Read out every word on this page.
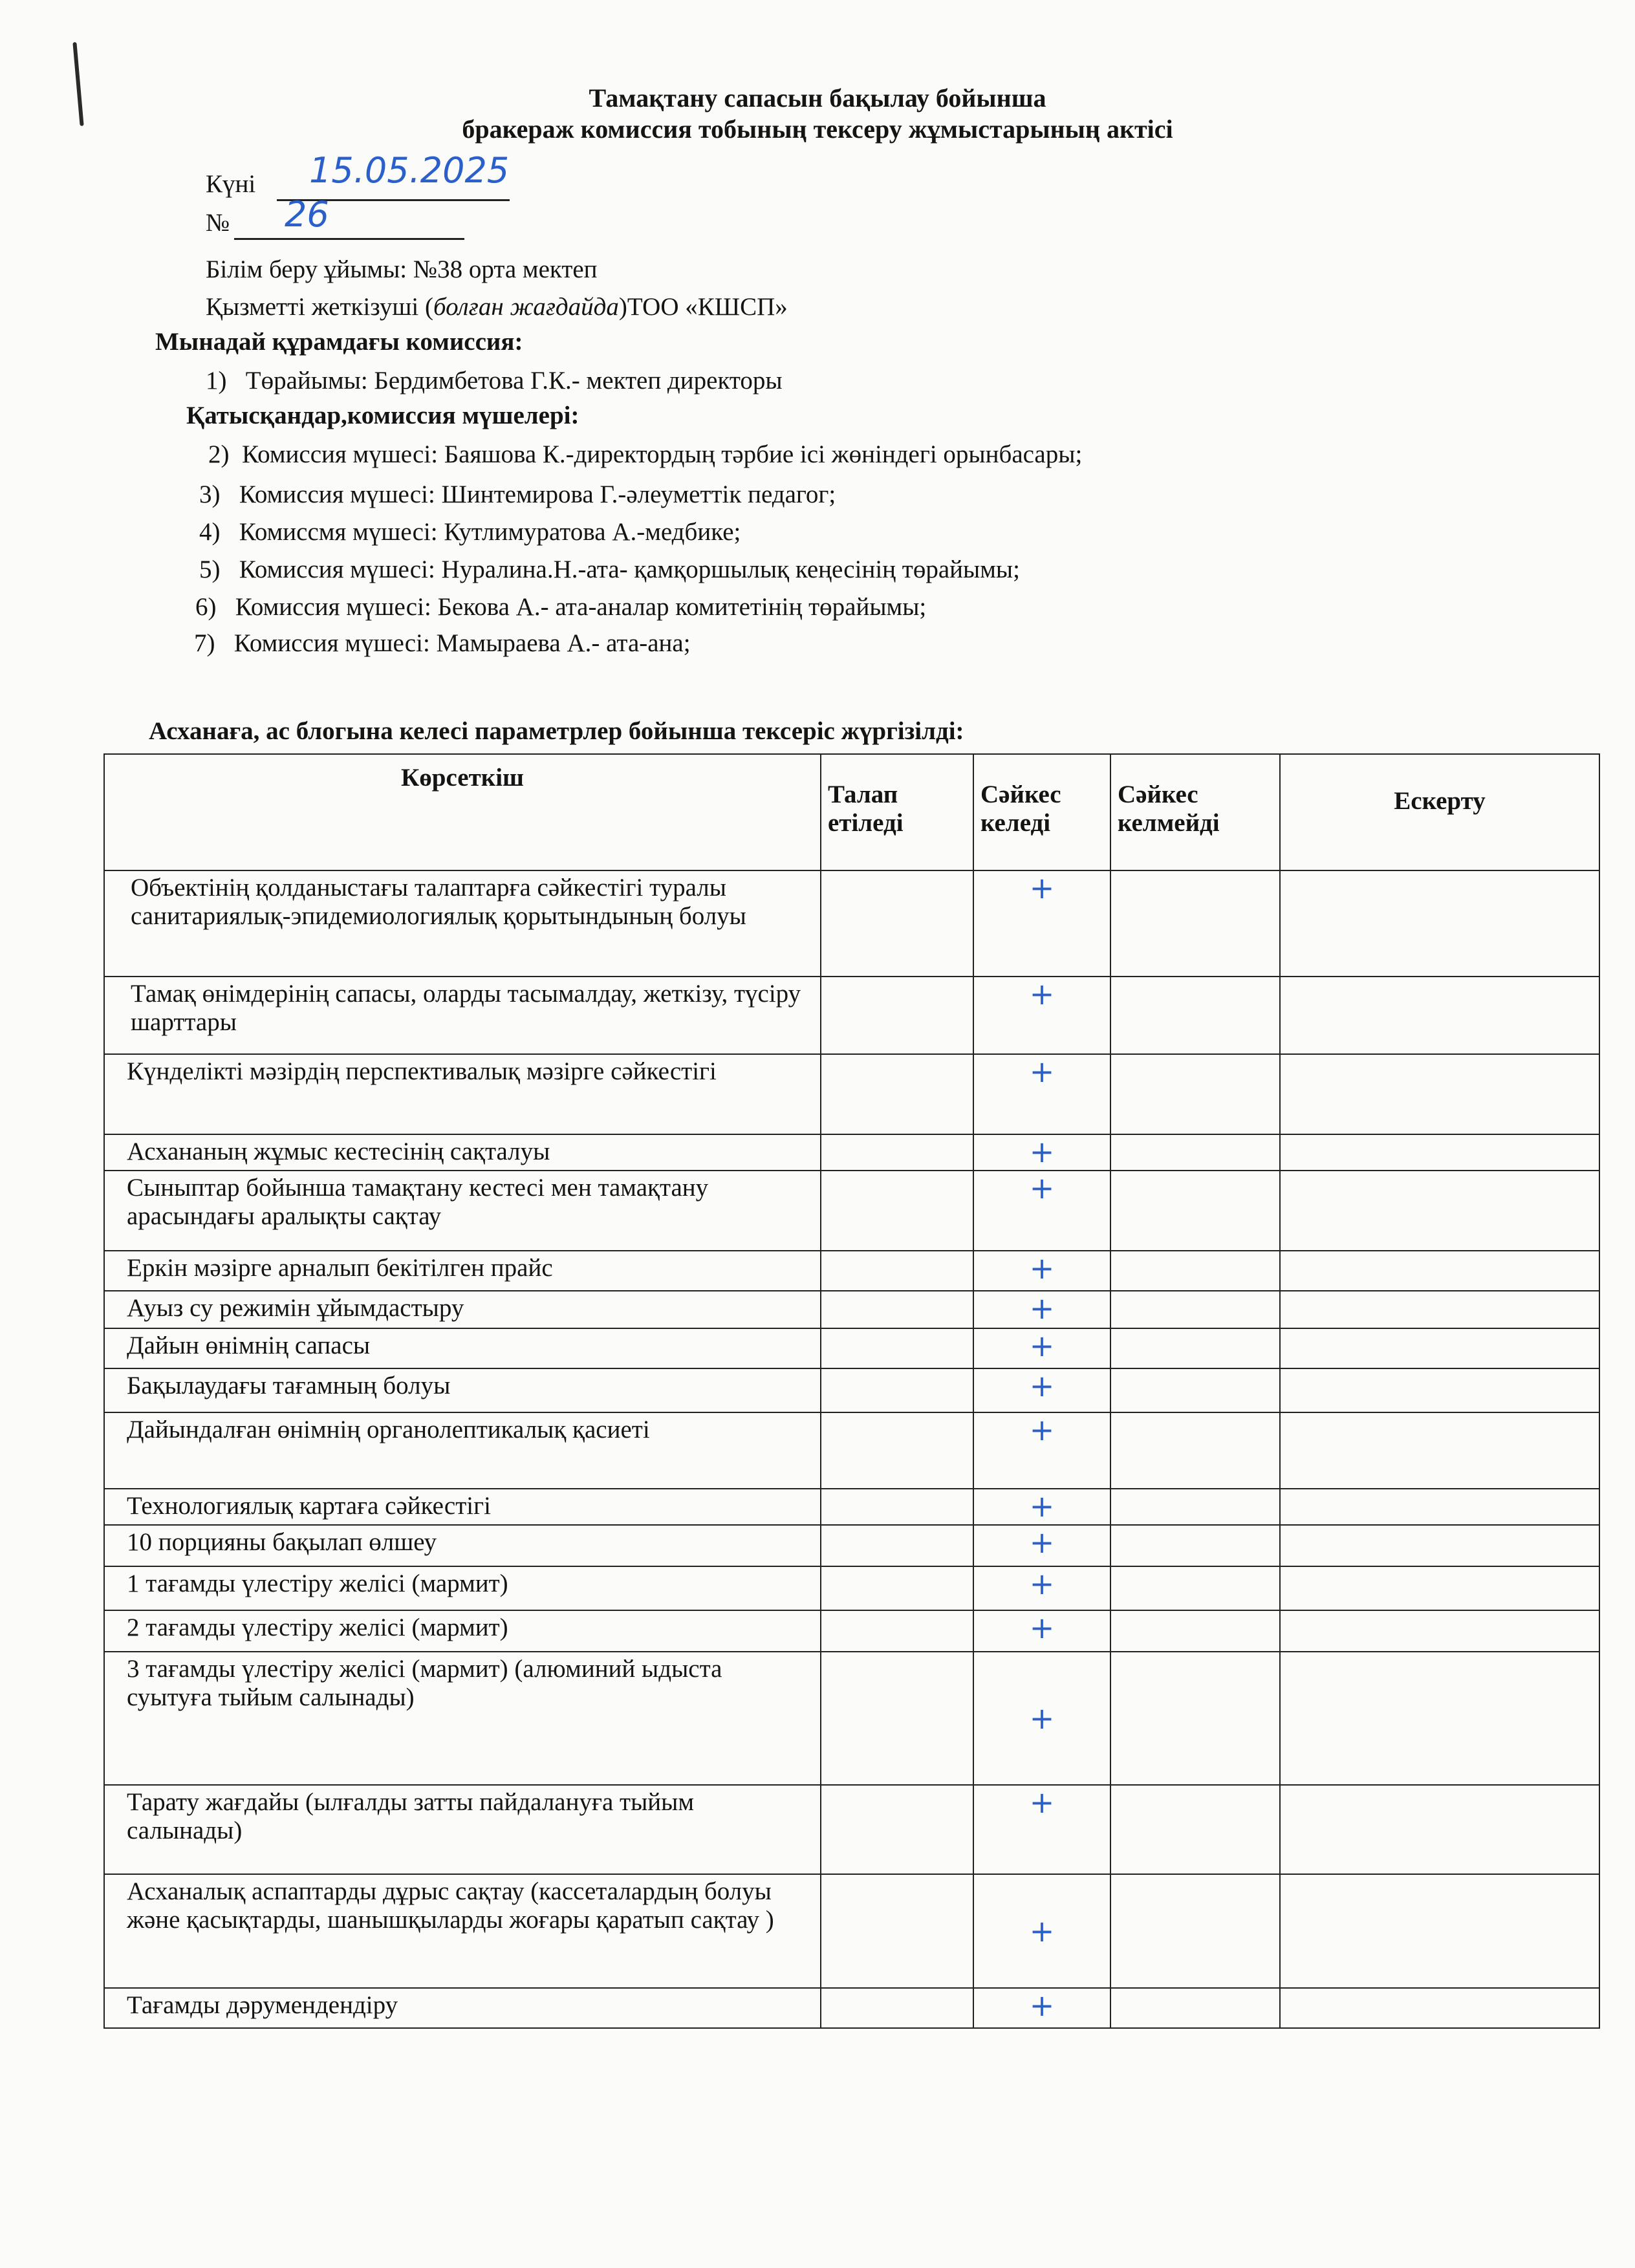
Тамақтану сапасын бақылау бойынша
бракераж комиссия тобының тексеру жұмыстарының актісі
Күні 15.05.2025
№ 26
Білім беру ұйымы: №38 орта мектеп
Қызметті жеткізуші (болған жағдайда)ТОО «КШСП»
Мынадай құрамдағы комиссия:
1) Төрайымы: Бердимбетова Г.К.- мектеп директоры
Қатысқандар,комиссия мүшелері:
2) Комиссия мүшесі: Баяшова К.-директордың тәрбие ісі жөніндегі орынбасары;
3) Комиссия мүшесі: Шинтемирова Г.-әлеуметтік педагог;
4) Комиссмя мүшесі: Кутлимуратова А.-медбике;
5) Комиссия мүшесі: Нуралина.Н.-ата- қамқоршылық кеңесінің төрайымы;
6) Комиссия мүшесі: Бекова А.- ата-аналар комитетінің төрайымы;
7) Комиссия мүшесі: Мамыраева А.- ата-ана;
Асханаға, ас блогына келесі параметрлер бойынша тексеріс жүргізілді:
Көрсеткіш	Талап етіледі	Сәйкес келеді	Сәйкес келмейді	Ескерту
Объектінің қолданыстағы талаптарға сәйкестігі туралы санитариялық-эпидемиологиялық қорытындының болуы		+		

Тамақ өнімдерінің сапасы, оларды тасымалдау, жеткізу, түсіру шарттары		+		

Күнделікті мәзірдің перспективалық мәзірге сәйкестігі		+		

Асхананың жұмыс кестесінің сақталуы		+		

Сыныптар бойынша тамақтану кестесі мен тамақтану арасындағы аралықты сақтау		+		

Еркін мәзірге арналып бекітілген прайс		+		

Ауыз су режимін ұйымдастыру		+		

Дайын өнімнің сапасы		+		

Бақылаудағы тағамның болуы		+		

Дайындалған өнімнің органолептикалық қасиеті		+		

Технологиялық картаға сәйкестігі		+		

10 порцияны бақылап өлшеу		+		

1 тағамды үлестіру желісі (мармит)		+		

2 тағамды үлестіру желісі (мармит)		+		

3 тағамды үлестіру желісі (мармит) (алюминий ыдыста суытуға тыйым салынады)		+		

Тарату жағдайы (ылғалды затты пайдалануға тыйым салынады)		+		

Асханалық аспаптарды дұрыс сақтау (кассеталардың болуы және қасықтарды, шанышқыларды жоғары қаратып сақтау )		+		

Тағамды дәрумендендіру		+		
